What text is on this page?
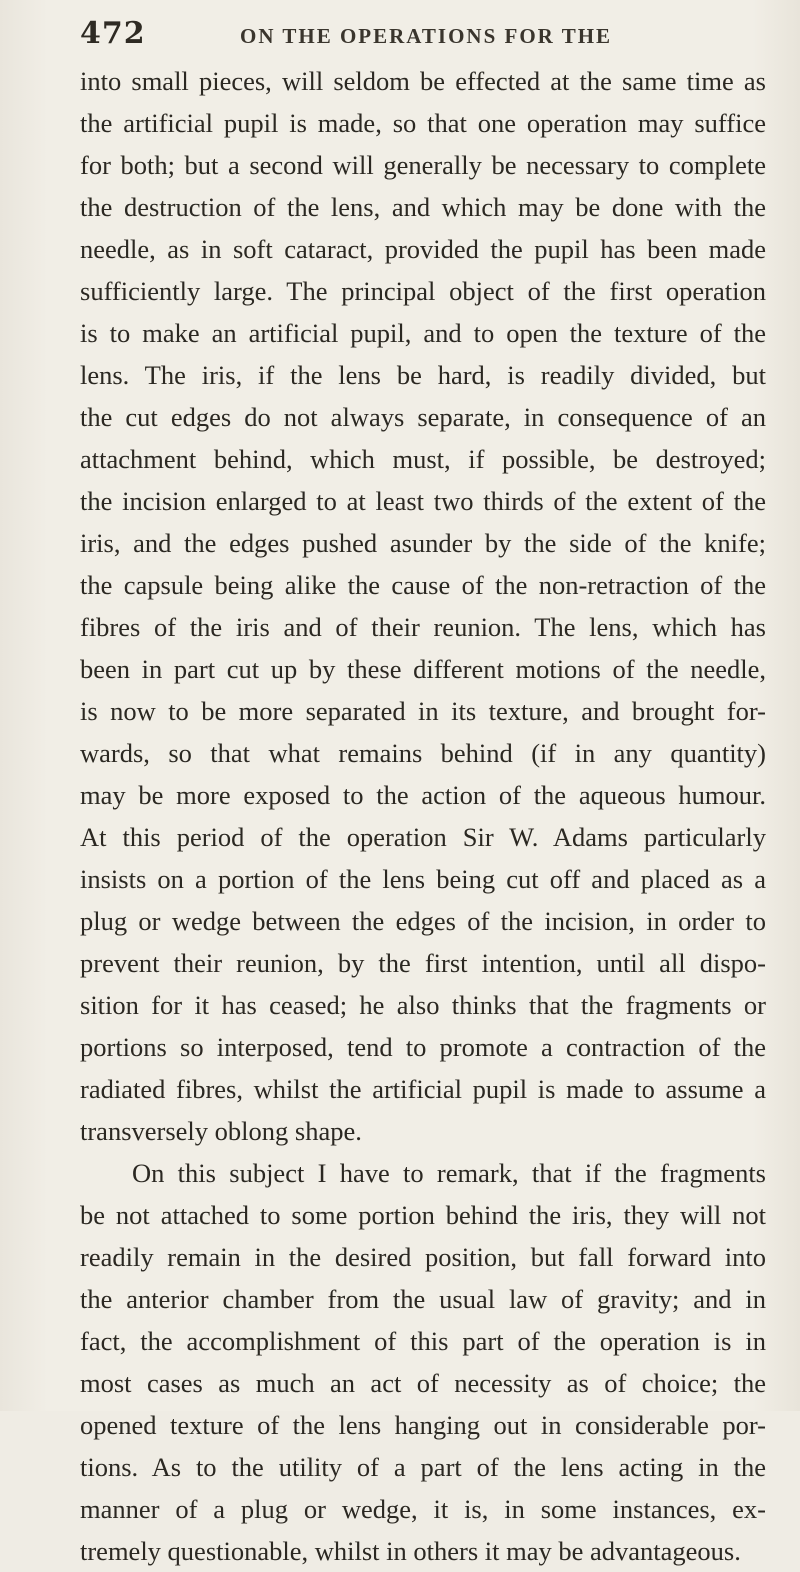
472	ON THE OPERATIONS FOR THE
into small pieces, will seldom be effected at the same time as
the artificial pupil is made, so that one operation may suffice
for both; but a second will generally be necessary to complete
the destruction of the lens, and which may be done with the
needle, as in soft cataract, provided the pupil has been made
sufficiently large. The principal object of the first operation
is to make an artificial pupil, and to open the texture of the
lens. The iris, if the lens be hard, is readily divided, but
the cut edges do not always separate, in consequence of an
attachment behind, which must, if possible, be destroyed;
the incision enlarged to at least two thirds of the extent of the
iris, and the edges pushed asunder by the side of the knife;
the capsule being alike the cause of the non-retraction of the
fibres of the iris and of their reunion. The lens, which has
been in part cut up by these different motions of the needle,
is now to be more separated in its texture, and brought for-
wards, so that what remains behind (if in any quantity)
may be more exposed to the action of the aqueous humour.
At this period of the operation Sir W. Adams particularly
insists on a portion of the lens being cut off and placed as a
plug or wedge between the edges of the incision, in order to
prevent their reunion, by the first intention, until all dispo-
sition for it has ceased; he also thinks that the fragments or
portions so interposed, tend to promote a contraction of the
radiated fibres, whilst the artificial pupil is made to assume a
transversely oblong shape.
On this subject I have to remark, that if the fragments
be not attached to some portion behind the iris, they will not
readily remain in the desired position, but fall forward into
the anterior chamber from the usual law of gravity; and in
fact, the accomplishment of this part of the operation is in
most cases as much an act of necessity as of choice; the
opened texture of the lens hanging out in considerable por-
tions. As to the utility of a part of the lens acting in the
manner of a plug or wedge, it is, in some instances, ex-
tremely questionable, whilst in others it may be advantageous.
